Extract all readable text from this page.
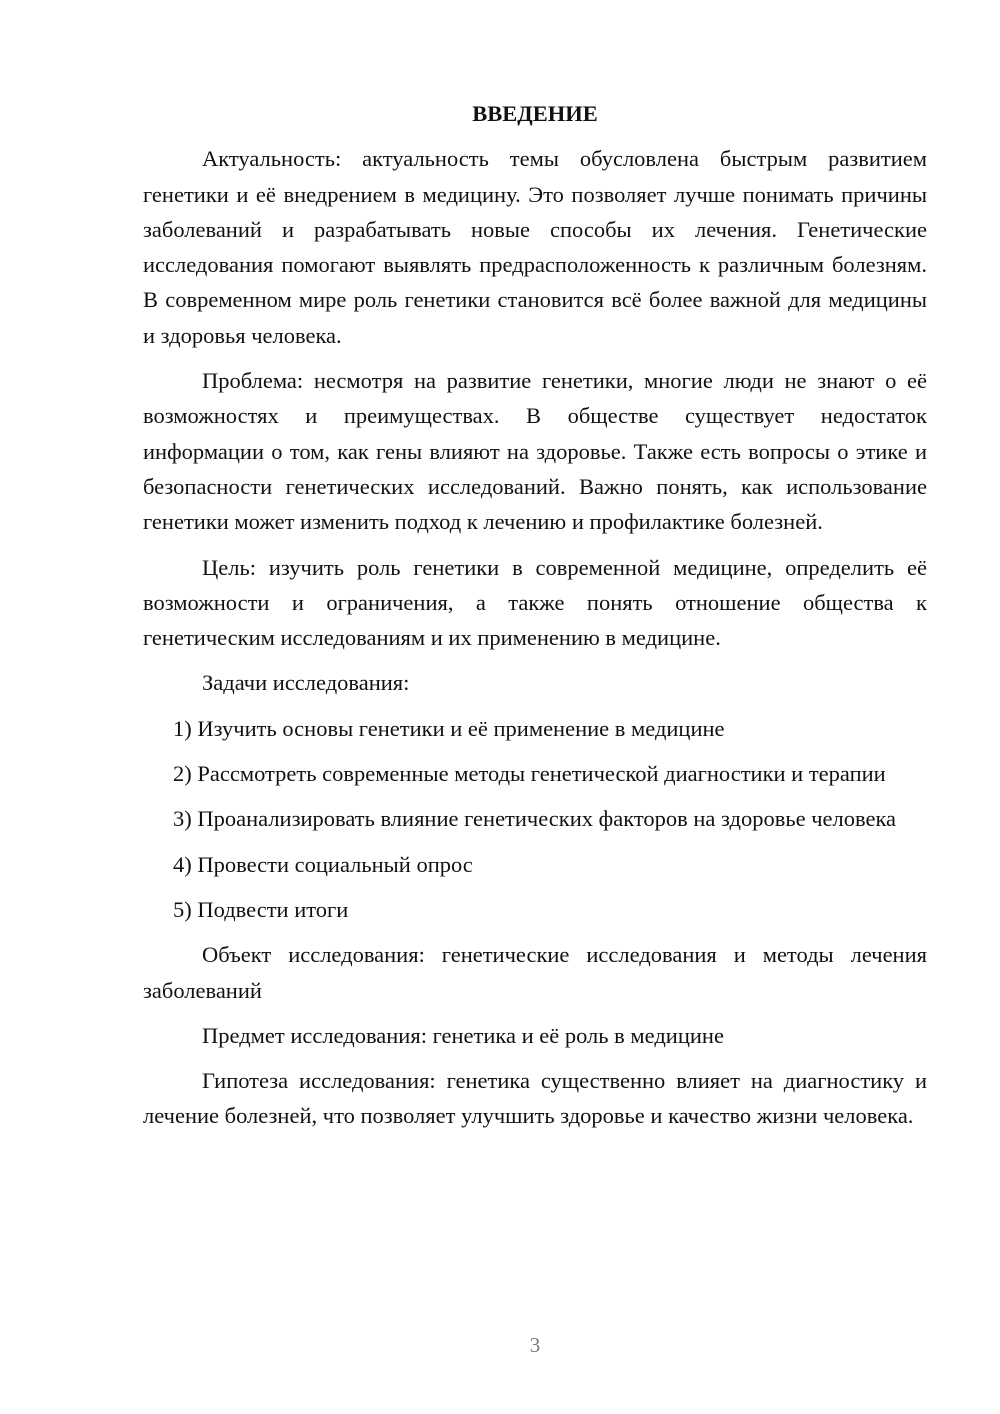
ВВЕДЕНИЕ

Актуальность: актуальность темы обусловлена быстрым развитием генетики и её внедрением в медицину. Это позволяет лучше понимать причины заболеваний и разрабатывать новые способы их лечения. Генетические исследования помогают выявлять предрасположенность к различным болезням. В современном мире роль генетики становится всё более важной для медицины и здоровья человека.

Проблема: несмотря на развитие генетики, многие люди не знают о её возможностях и преимуществах. В обществе существует недостаток информации о том, как гены влияют на здоровье. Также есть вопросы о этике и безопасности генетических исследований. Важно понять, как использование генетики может изменить подход к лечению и профилактике болезней.

Цель: изучить роль генетики в современной медицине, определить её возможности и ограничения, а также понять отношение общества к генетическим исследованиям и их применению в медицине.

Задачи исследования:

1) Изучить основы генетики и её применение в медицине

2) Рассмотреть современные методы генетической диагностики и терапии

3) Проанализировать влияние генетических факторов на здоровье человека

4) Провести социальный опрос

5) Подвести итоги

Объект исследования: генетические исследования и методы лечения заболеваний

Предмет исследования: генетика и её роль в медицине

Гипотеза исследования: генетика существенно влияет на диагностику и лечение болезней, что позволяет улучшить здоровье и качество жизни человека.

3
